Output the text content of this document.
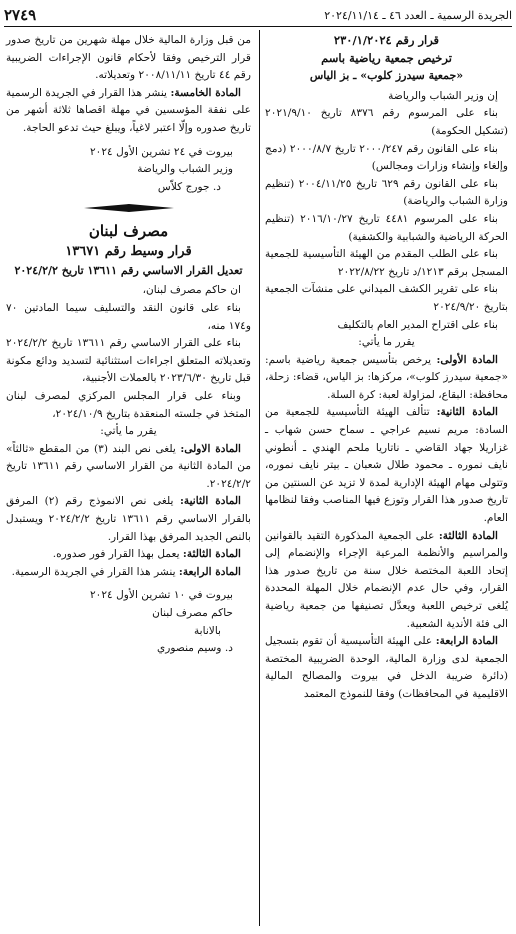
الجريدة الرسمية ـ العدد ٤٦ ـ ٢٠٢٤/١١/١٤
٢٧٤٩

قرار رقم ٢٣٠/١/٢٠٢٤

ترخيص جمعية رياضية باسم

«جمعية سيدرز كلوب» ـ بز الياس

إن وزير الشباب والرياضة

بناء على المرسوم رقم ٨٣٧٦ تاريخ ٢٠٢١/٩/١٠ (تشكيل الحكومة)

بناء على القانون رقم ٢٠٠٠/٢٤٧ تاريخ ٢٠٠٠/٨/٧ (دمج وإلغاء وإنشاء وزارات ومجالس)

بناء على القانون رقم ٦٢٩ تاريخ ٢٠٠٤/١١/٢٥ (تنظيم وزارة الشباب والرياضة)

بناء على المرسوم ٤٤٨١ تاريخ ٢٠١٦/١٠/٢٧ (تنظيم الحركة الرياضية والشبابية والكشفية)

بناء على الطلب المقدم من الهيئة التأسيسية للجمعية المسجل برقم ١٢١٣/د تاريخ ٢٠٢٢/٨/٢٢

بناء على تقرير الكشف الميداني على منشآت الجمعية بتاريخ ٢٠٢٤/٩/٢٠

بناء على اقتراح المدير العام بالتكليف

يقرر ما يأتي:

المادة الأولى: يرخص بتأسيس جمعية رياضية باسم: «جمعية سيدرز كلوب»، مركزها: بز الياس، قضاء: زحلة، محافظة: البقاع، لمزاولة لعبة: كرة السلة.

المادة الثانية: تتألف الهيئة التأسيسية للجمعية من السادة: مريم نسيم عراجي ـ سماح حسن شهاب ـ غزاريلا جهاد القاضي ـ ناتاريا ملحم الهندي ـ أنطوني نايف نموره ـ محمود طلال شعبان ـ بيتر نايف نموره، وتتولى مهام الهيئة الإدارية لمدة لا تزيد عن السنتين من تاريخ صدور هذا القرار وتوزع فيها المناصب وفقا لنظامها العام.

المادة الثالثة: على الجمعية المذكورة التقيد بالقوانين والمراسيم والأنظمة المرعية الإجراء والإنضمام إلى إتحاد اللعبة المختصة خلال سنة من تاريخ صدور هذا القرار، وفي حال عدم الإنضمام خلال المهلة المحددة يُلغى ترخيص اللعبة ويعدَّل تصنيفها من جمعية رياضية الى فئة الأندية الشعبية.

المادة الرابعة: على الهيئة التأسيسية أن تقوم بتسجيل الجمعية لدى وزارة المالية، الوحدة الضريبية المختصة (دائرة ضريبة الدخل في بيروت والمصالح المالية الاقليمية في المحافظات) وفقا للنموذج المعتمد

من قبل وزارة المالية خلال مهلة شهرين من تاريخ صدور قرار الترخيص وفقا لأحكام قانون الإجراءات الضريبية رقم ٤٤ تاريخ ٢٠٠٨/١١/١١ وتعديلاته.

المادة الخامسة: ينشر هذا القرار في الجريدة الرسمية على نفقة المؤسسين في مهلة اقصاها ثلاثة أشهر من تاريخ صدوره وإلّا اعتبر لاغياً، ويبلغ حيث تدعو الحاجة.

بيروت في ٢٤ تشرين الأول ٢٠٢٤

وزير الشباب والرياضة

د. جورج كلاّس

مصرف لبنان

قرار وسيط رقم ١٣٦٧١

تعديل القرار الاساسي رقم ١٣٦١١ تاريخ ٢٠٢٤/٢/٢

ان حاكم مصرف لبنان،

بناء على قانون النقد والتسليف سيما المادتين ٧٠ و١٧٤ منه،

بناء على القرار الاساسي رقم ١٣٦١١ تاريخ ٢٠٢٤/٢/٢ وتعديلاته المتعلق اجراءات استثنائية لتسديد ودائع مكونة قبل تاريخ ٢٠٢٣/٦/٣٠ بالعملات الأجنبية،

وبناء على قرار المجلس المركزي لمصرف لبنان المتخذ في جلسته المنعقدة بتاريخ ٢٠٢٤/١٠/٩،

يقرر ما يأتي:

المادة الاولى: يلغى نص البند (٣) من المقطع «ثالثاً» من المادة الثانية من القرار الاساسي رقم ١٣٦١١ تاريخ ٢٠٢٤/٢/٢.

المادة الثانية: يلغى نص الانموذج رقم (٢) المرفق بالقرار الاساسي رقم ١٣٦١١ تاريخ ٢٠٢٤/٢/٢ ويستبدل بالنص الجديد المرفق بهذا القرار.

المادة الثالثة: يعمل بهذا القرار فور صدوره.

المادة الرابعة: ينشر هذا القرار في الجريدة الرسمية.

بيروت في ١٠ تشرين الأول ٢٠٢٤

حاكم مصرف لبنان

بالانابة

د. وسيم منصوري
